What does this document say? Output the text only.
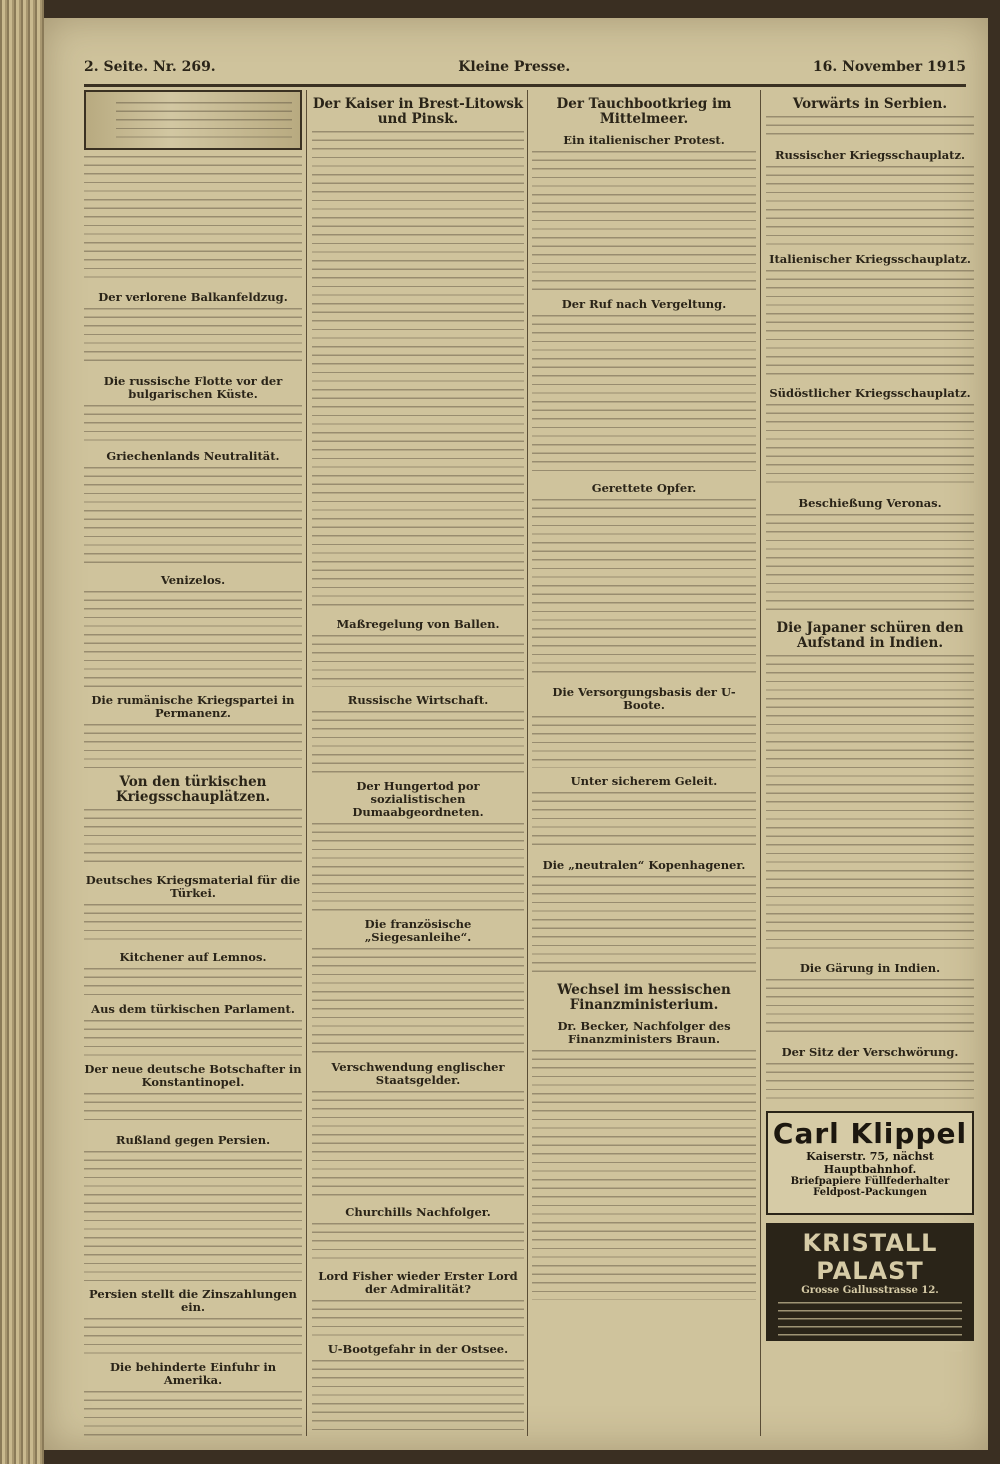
2. Seite. Nr. 269.	Kleine Presse.	16. November 1915
Der verlorene Balkanfeldzug.
Die russische Flotte vor der bulgarischen Küste.
Griechenlands Neutralität.
Venizelos.
Die rumänische Kriegspartei in Permanenz.
Von den türkischen Kriegsschauplätzen.
Deutsches Kriegsmaterial für die Türkei.
Kitchener auf Lemnos.
Aus dem türkischen Parlament.
Der neue deutsche Botschafter in Konstantinopel.
Rußland gegen Persien.
Persien stellt die Zinszahlungen ein.
Die behinderte Einfuhr in Amerika.
Der Kaiser in Brest-Litowsk und Pinsk.
Maßregelung von Ballen.
Russische Wirtschaft.
Der Hungertod por sozialistischen Dumaabgeordneten.
Die französische „Siegesanleihe“.
Verschwendung englischer Staatsgelder.
Churchills Nachfolger.
Lord Fisher wieder Erster Lord der Admiralität?
U-Bootgefahr in der Ostsee.
Der Tauchbootkrieg im Mittelmeer.
Ein italienischer Protest.
Der Ruf nach Vergeltung.
Gerettete Opfer.
Die Versorgungsbasis der U-Boote.
Unter sicherem Geleit.
Die „neutralen“ Kopenhagener.
Wechsel im hessischen Finanzministerium.
Dr. Becker, Nachfolger des Finanzministers Braun.
Vorwärts in Serbien.
Russischer Kriegsschauplatz.
Italienischer Kriegsschauplatz.
Südöstlicher Kriegsschauplatz.
Beschießung Veronas.
Die Japaner schüren den Aufstand in Indien.
Die Gärung in Indien.
Der Sitz der Verschwörung.
Carl Klippel
Kaiserstr. 75, nächst Hauptbahnhof.
Briefpapiere Füllfederhalter
Feldpost-Packungen
KRISTALL PALAST
Grosse Gallusstrasse 12.
